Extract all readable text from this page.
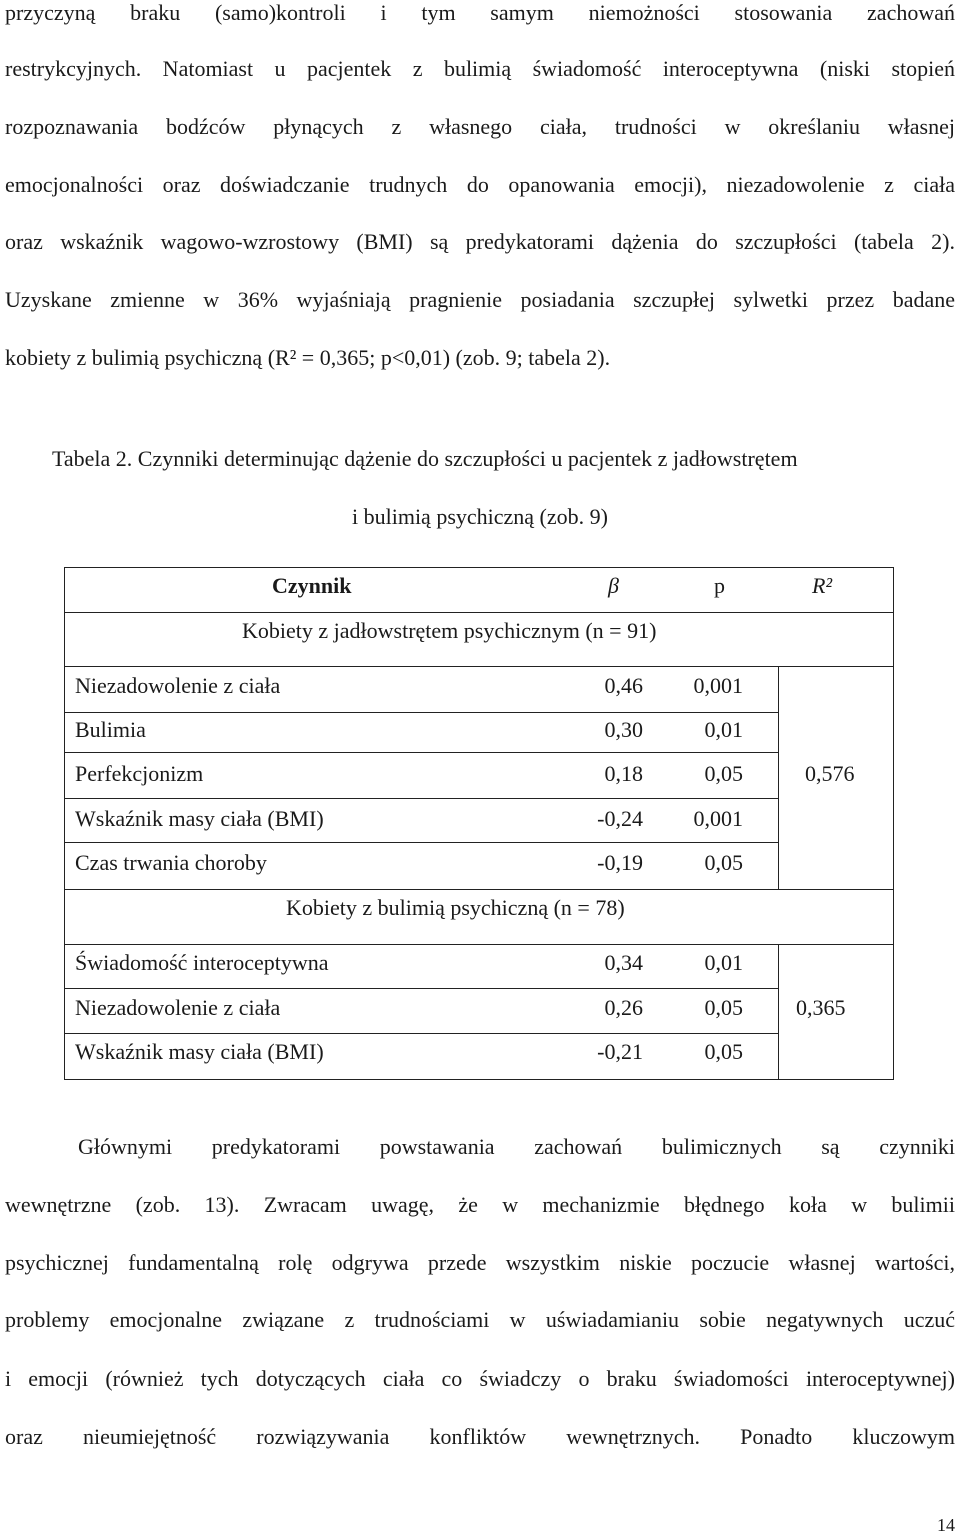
przyczyną braku (samo)kontroli i tym samym niemożności stosowania zachowań
restrykcyjnych. Natomiast u pacjentek z bulimią świadomość interoceptywna (niski stopień
rozpoznawania bodźców płynących z własnego ciała, trudności w określaniu własnej
emocjonalności oraz doświadczanie trudnych do opanowania emocji), niezadowolenie z ciała
oraz wskaźnik wagowo-wzrostowy (BMI) są predykatorami dążenia do szczupłości (tabela 2).
Uzyskane zmienne w 36% wyjaśniają pragnienie posiadania szczupłej sylwetki przez badane
kobiety z bulimią psychiczną (R² = 0,365; p<0,01) (zob. 9; tabela 2).
Tabela 2. Czynniki determinując dążenie do szczupłości u pacjentek z jadłowstrętem
i bulimią psychiczną (zob. 9)
Czynnik	β	p	R²
Kobiety z jadłowstrętem psychicznym (n = 91)
Niezadowolenie z ciała	0,46	0,001
Bulimia	0,30	0,01
Perfekcjonizm	0,18	0,05
Wskaźnik masy ciała (BMI)	-0,24	0,001
Czas trwania choroby	-0,19	0,05
0,576
Kobiety z bulimią psychiczną (n = 78)
Świadomość interoceptywna	0,34	0,01
Niezadowolenie z ciała	0,26	0,05
Wskaźnik masy ciała (BMI)	-0,21	0,05
0,365
Głównymi predykatorami powstawania zachowań bulimicznych są czynniki
wewnętrzne (zob. 13). Zwracam uwagę, że w mechanizmie błędnego koła w bulimii
psychicznej fundamentalną rolę odgrywa przede wszystkim niskie poczucie własnej wartości,
problemy emocjonalne związane z trudnościami w uświadamianiu sobie negatywnych uczuć
i emocji (również tych dotyczących ciała co świadczy o braku świadomości interoceptywnej)
oraz nieumiejętność rozwiązywania konfliktów wewnętrznych. Ponadto kluczowym
14
